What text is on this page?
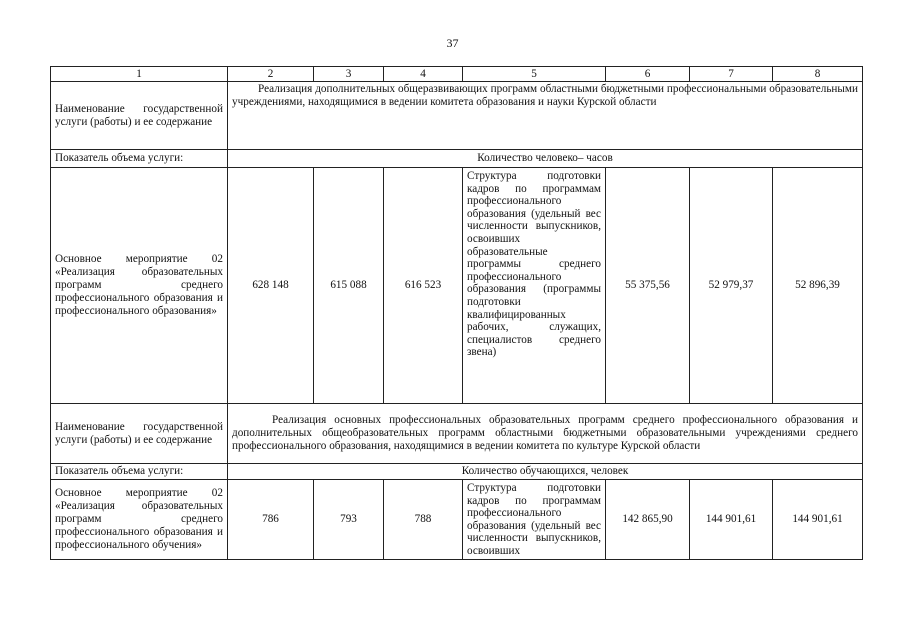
37
1	2	3	4	5	6	7	8
Наименование государственной услуги (работы) и ее содержание	Реализация дополнительных общеразвивающих программ областными бюджетными профессиональными образовательными учреждениями, находящимися в ведении комитета образования и науки Курской области						
Показатель объема услуги:	Количество человеко– часов						
Основное мероприятие 02 «Реализация образовательных программ среднего профессионального образования и профессионального образования»	628 148	615 088	616 523	Структура подготовки кадров по программам профессионального образования (удельный вес численности выпускников, освоивших образовательные программы среднего профессионального образования (программы подготовки квалифицированных рабочих, служащих, специалистов среднего звена)	55 375,56	52 979,37	52 896,39
Наименование государственной услуги (работы) и ее содержание	Реализация основных профессиональных образовательных программ среднего профессионального образования и дополнительных общеобразовательных программ областными бюджетными образовательными учреждениями среднего профессионального образования, находящимися в ведении комитета по культуре Курской области						
Показатель объема услуги:	Количество обучающихся, человек						
Основное мероприятие 02 «Реализация образовательных программ среднего профессионального образования и профессионального обучения»	786	793	788	Структура подготовки кадров по программам профессионального образования (удельный вес численности выпускников, освоивших	142 865,90	144 901,61	144 901,61
